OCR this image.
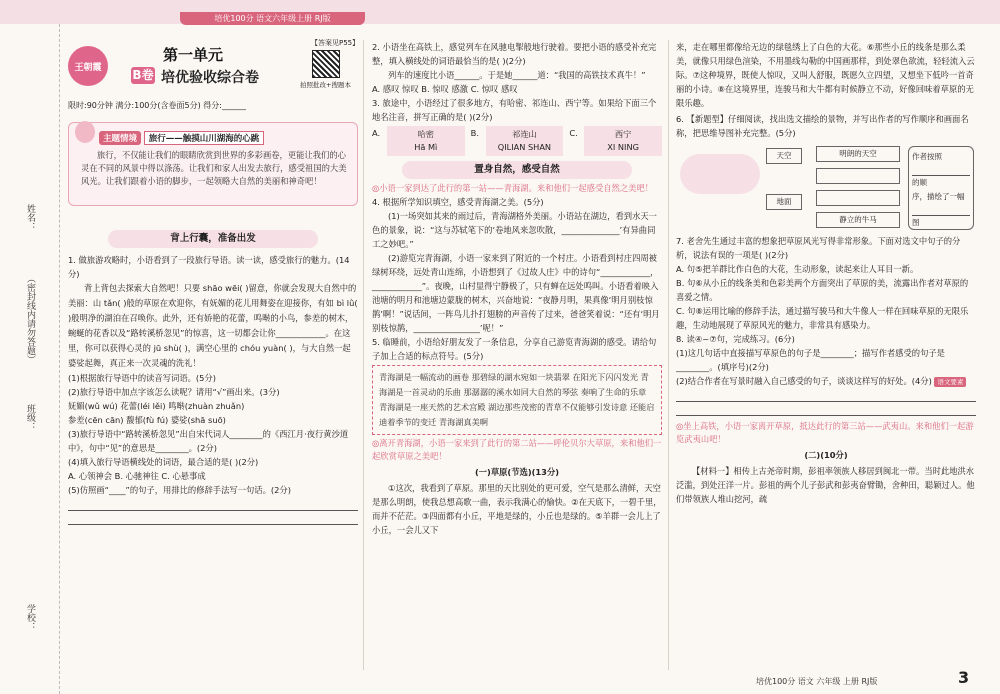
培优100分 语文六年级上册 RJ版
姓名：
（密封线内请勿答题）
班级：
学校：
王朝霞
第一单元
B卷 培优验收综合卷
【答案见P55】
拍照批改+搜题本
限时:90分钟 满分:100分(含卷面5分) 得分:______
主题情境 旅行——触摸山川湖海的心跳
旅行，不仅能让我们的眼睛欣赏到世界的多彩画卷，更能让我们的心灵在不同的风景中得以涤荡。让我们和家人出发去旅行，感受祖国的大美风光。让我们跟着小语的脚步，一起领略大自然的美丽和神奇吧！
背上行囊，准备出发

1. 做旅游攻略时，小语看到了一段旅行导语。读一读，感受旅行的魅力。(14分)

背上背包去探索大自然吧！只要 shāo wēi( )留意，你就会发现大自然中的美丽：山 tǎn( )般的草原在欢迎你，有妩媚的花儿用舞姿在迎接你，有如 bì lǜ( )般明净的湖泊在召唤你。此外，还有娇艳的花蕾，鸣啭的小鸟，参差的树木，蜿蜒的花香以及“路转溪桥忽见”的惊喜，这一切都会让你____________。在这里，你可以获得心灵的 jū shù( )，满空心里的 chóu yuàn( )，与大自然一起婆娑起舞，真正来一次灵魂的洗礼！

(1)根据旅行导语中的读音写词语。(5分)

(2)旅行导语中加点字该怎么读呢？请用“√”画出来。(3分)

妩媚(wǔ wú) 花蕾(léi lěi) 鸣啭(zhuàn zhuǎn)

参差(cēn cān) 馥郁(fù fú) 婆娑(shā suō)

(3)旅行导语中“路转溪桥忽见”出自宋代词人________的《西江月·夜行黄沙道中》，句中“见”的意思是________。(2分)

(4)填入旅行导语横线处的词语，最合适的是( )(2分)

A. 心领神会 B. 心驰神往 C. 心悬事成

(5)仿照画“____”的句子，用排比的修辞手法写一句话。(2分)

2. 小语坐在高铁上，感觉列车在风驰电掣般地行驶着。要把小语的感受补充完整，填入横线处的词语最恰当的是( )(2分)

列车的速度比小语______。于是她______道：“我国的高铁技术真牛！”

A. 感叹 惊叹 B. 惊叹 感激 C. 惊叹 感叹

3. 旅途中，小语经过了很多地方，有哈密、祁连山、西宁等。如果给下面三个地名注音，拼写正确的是( )(2分)

A.	哈密
Hā Mì
B.	祁连山
QILIAN SHAN
C.	西宁
XI NING
置身自然，感受自然

◎小语一家到达了此行的第一站——青海湖。来和他们一起感受自然之美吧！

4. 根据所学知识填空，感受青海湖之美。(5分)

(1)一场突如其来的雨过后，青海湖格外美丽。小语站在湖边，看到水天一色的景象，说：“这与苏轼笔下的‘卷地风来忽吹散，______________’有异曲同工之妙吧。”

(2)游览完青海湖，小语一家来到了附近的一个村庄。小语看到村庄四周被绿树环绕，远处青山连绵，小语想到了《过故人庄》中的诗句“____________，____________”。夜晚，山村显得宁静极了，只有蝉在远处鸣叫。小语看着映入池塘的明月和池塘边蒙胧的树木，兴奋地说：“夜静月明，果真像‘明月别枝惊鹊’啊！”说话间，一阵鸟儿扑打翅膀的声音传了过来，爸爸笑着说：“还有‘明月别枝惊鹊，________________’呢！”

5. 临睡前，小语给好朋友发了一条信息，分享自己游览青海湖的感受。请给句子加上合适的标点符号。(5分)

青海湖是一幅流动的画卷 那碧绿的湖水宛如一块翡翠 在阳光下闪闪发光 青海湖是一首灵动的乐曲 那潺潺的溪水如同大自然的琴弦 奏响了生命的乐章 青海湖是一座天然的艺术宫殿 湖边那些茂密的青草不仅能够引发诗意 还能启迪着季节的变迁 青海湖真美啊

◎离开青海湖，小语一家来到了此行的第二站——呼伦贝尔大草原，来和他们一起欣赏草原之美吧！

(一)草原(节选)(13分)

①这次，我看到了草原。那里的天比别处的更可爱，空气是那么清鲜，天空是那么明朗，使我总想高歌一曲，表示我满心的愉快。②在天底下，一碧千里，而并不茫茫。③四面都有小丘，平地是绿的，小丘也是绿的。⑤羊群一会儿上了小丘，一会儿又下

来，走在哪里都像给无边的绿毯绣上了白色的大花。⑥那些小丘的线条是那么柔美，就像只用绿色渲染，不用墨线勾勒的中国画那样，到处翠色欲流，轻轻流入云际。⑦这种境界，既使人惊叹，又叫人舒服，既愿久立四望，又想坐下低吟一首奇丽的小诗。⑧在这境界里，连骏马和大牛都有时候静立不动，好像回味着草原的无限乐趣。

6. 【新题型】仔细阅读，找出选文描绘的景物，并写出作者的写作顺序和画面名称，把思维导图补充完整。(5分)

天空
地面
明朗的天空
静立的牛马
作者按照
的顺
序，描绘了一幅
图

7. 老舍先生通过丰富的想象把草原风光写得非常形象。下面对选文中句子的分析，说法有误的一项是( )(2分)

A. 句⑤把羊群比作白色的大花，生动形象，读起来让人耳目一新。

B. 句⑥从小丘的线条美和色彩美两个方面突出了草原的美，流露出作者对草原的喜爱之情。

C. 句⑧运用比喻的修辞手法，通过描写骏马和大牛像人一样在回味草原的无限乐趣，生动地展现了草原风光的魅力，非常具有感染力。

8. 读④~⑦句，完成练习。(6分)

(1)这几句话中直接描写草原色的句子是________；描写作者感受的句子是________。(填序号)(2分)

(2)结合作者在写景时融入自己感受的句子，谈谈这样写的好处。(4分) 语文要素

◎坐上高铁，小语一家离开草原，抵达此行的第三站——武夷山。来和他们一起游览武夷山吧！

(二)(10分)

【材料一】相传上古尧帝时期，彭祖率领族人移居到闽北一带。当时此地洪水泛滥，到处汪洋一片。彭祖的两个儿子彭武和彭夷奋臂锄，舍种田，聪颖过人。他们带领族人堆山挖河，疏

培优100分 语文 六年级 上册 RJ版	3
